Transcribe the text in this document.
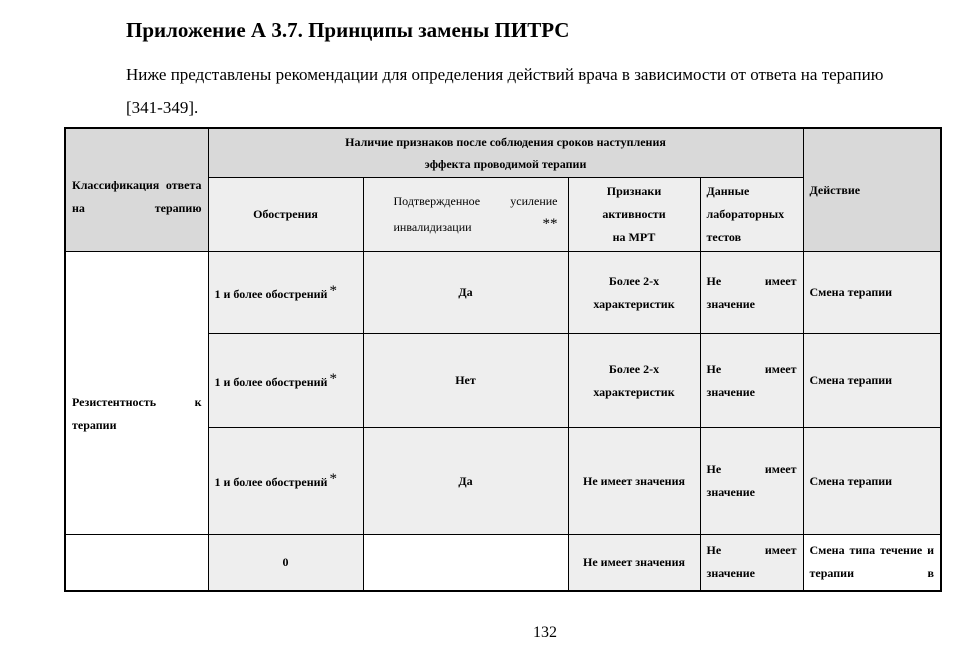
Приложение А 3.7. Принципы замены ПИТРС

Ниже представлены рекомендации для определения действий врача в зависимости от ответа на терапию [341-349].

Классификация ответа на терапию	Наличие признаков после соблюдения сроков наступления
эффекта проводимой терапии				Действие

	Обострения	Подтвержденное усиление инвалидизации **	Признаки
активности
на МРТ	Данные
лабораторных
тестов	

Резистентность к терапии	1 и более обострений *	Да	Более 2-х характеристик	Не имеет значение	Смена терапии

	1 и более обострений *	Нет	Более 2-х характеристик	Не имеет значение	Смена терапии

	1 и более обострений *	Да	Не имеет значения	Не имеет значение	Смена терапии

	0		Не имеет значения	Не имеет значение	Смена типа течение и терапии в
132
